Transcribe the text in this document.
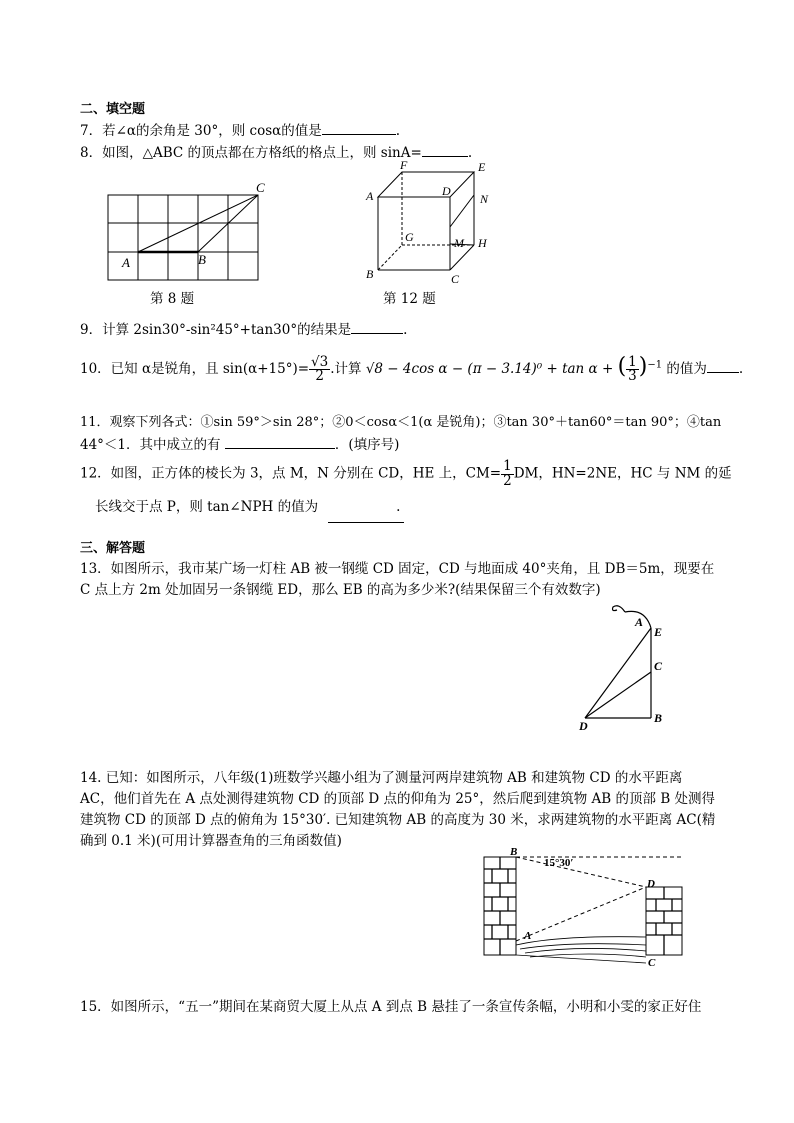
二、填空题
7．若∠α的余角是 30°，则 cosα的值是	.
8．如图，△ABC 的顶点都在方格纸的格点上，则 sinA=	.
A	B
C
第 8 题
A
B	C
D
E
F
G	H
M
N
第 12 题
9．计算 2sin30°-sin²45°+tan30°的结果是	.
10．已知 α是锐角，且 $\sin(\alpha+15^\circ)= \frac{√3}{2}$ .计算 √8 − 4cos α − (π − 3.14)⁰ + tan α + ( $\frac{1}{3} )^{-1}$ 的值为 .
11．观察下列各式：①sin 59°＞sin 28°；②0＜cosα＜1(α 是锐角)；③tan 30°＋tan60°＝tan 90°；④tan
44°＜1．其中成立的有	．(填序号)
12．如图，正方体的棱长为 3，点 M，N 分别在 CD，HE 上，$CM= \frac{1}{2}$ DM，HN=2NE，HC 与 NM 的延
长线交于点 P，则 tan∠NPH 的值为	.
三、解答题
13．如图所示，我市某广场一灯柱 AB 被一钢缆 CD 固定，CD 与地面成 40°夹角，且 DB＝5m，现要在
C 点上方 2m 处加固另一条钢缆 ED，那么 EB 的高为多少米?(结果保留三个有效数字)
A
E
C
B
D
14. 已知：如图所示，八年级(1)班数学兴趣小组为了测量河两岸建筑物 AB 和建筑物 CD 的水平距离
AC，他们首先在 A 点处测得建筑物 CD 的顶部 D 点的仰角为 25°，然后爬到建筑物 AB 的顶部 B 处测得
建筑物 CD 的顶部 D 点的俯角为 15°30′. 已知建筑物 AB 的高度为 30 米，求两建筑物的水平距离 AC(精
确到 0.1 米)(可用计算器查角的三角函数值)
15°30′
B
A
D
C
15．如图所示，“五一”期间在某商贸大厦上从点 A 到点 B 悬挂了一条宣传条幅，小明和小雯的家正好住
